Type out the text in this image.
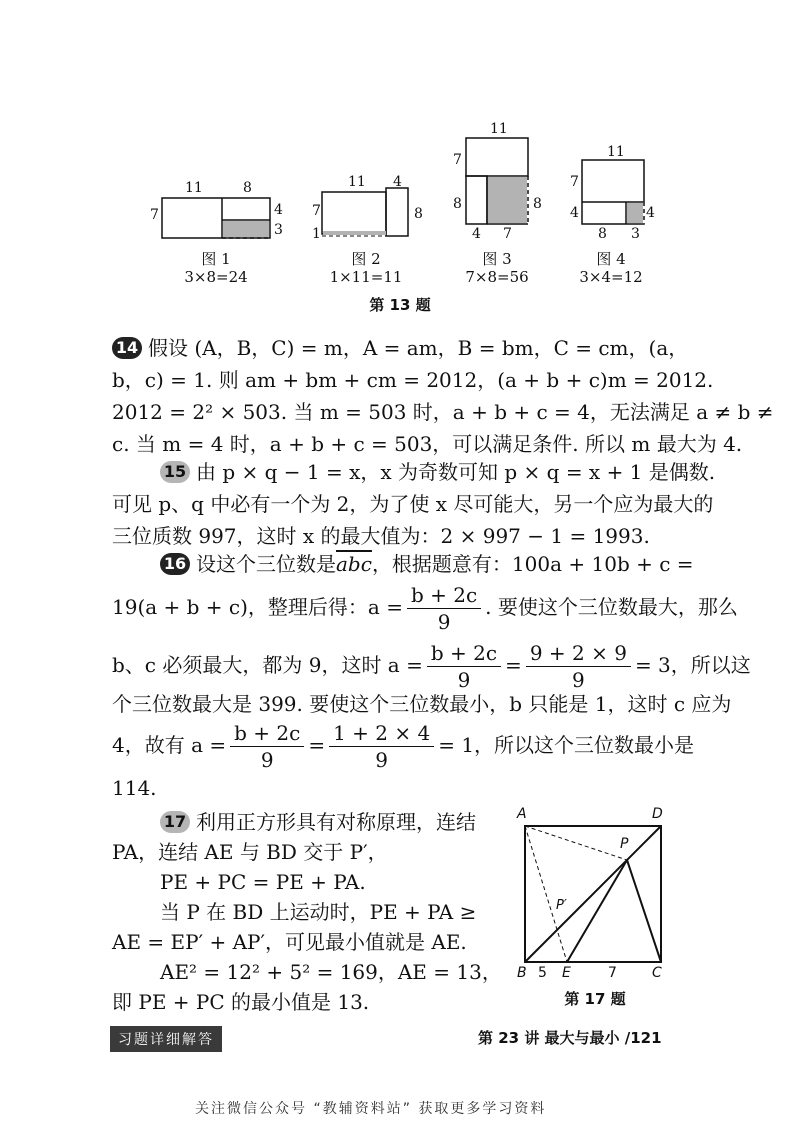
11	8
7	4
3
图 1
3×8=24
11 4
7
1
8
图 2
1×11=11
11
7
8	8
4 7
图 3
7×8=56
11
7
4	4
8 3
图 4
3×4=12
第 13 题
14 假设 (A，B，C) = m，A = am，B = bm，C = cm，(a，
b，c) = 1. 则 am + bm + cm = 2012，(a + b + c)m = 2012.
2012 = 2² × 503. 当 m = 503 时，a + b + c = 4，无法满足 a ≠ b ≠
c. 当 m = 4 时，a + b + c = 503，可以满足条件. 所以 m 最大为 4.
15 由 p × q − 1 = x，x 为奇数可知 p × q = x + 1 是偶数.
可见 p、q 中必有一个为 2，为了使 x 尽可能大，另一个应为最大的
三位质数 997，这时 x 的最大值为：2 × 997 − 1 = 1993.
16 设这个三位数是$\overline{abc}$，根据题意有：100a + 10b + c =
19(a + b + c)，整理后得：$a = \frac{b + 2c}{9}$ . 要使这个三位数最大，那么
b、c 必须最大，都为 9，这时 $a = \frac{b + 2c}{9} = \frac{9 + 2 \times 9}{9} = 3$，所以这
个三位数最大是 399. 要使这个三位数最小，b 只能是 1，这时 c 应为
4，故有 $a = \frac{b + 2c}{9} = \frac{1 + 2 \times 4}{9} = 1$，所以这个三位数最小是
114.
17 利用正方形具有对称原理，连结
PA，连结 AE 与 BD 交于 P′，
PE + PC = PE + PA.
当 P 在 BD 上运动时，PE + PA ≥
AE = EP′ + AP′，可见最小值就是 AE.
AE² = 12² + 5² = 169，AE = 13，
即 PE + PC 的最小值是 13.
A	D
P
P′
B 5 E	7	C
第 17 题
习题详细解答	第 23 讲 最大与最小 /121
关注微信公众号 “教辅资料站” 获取更多学习资料
